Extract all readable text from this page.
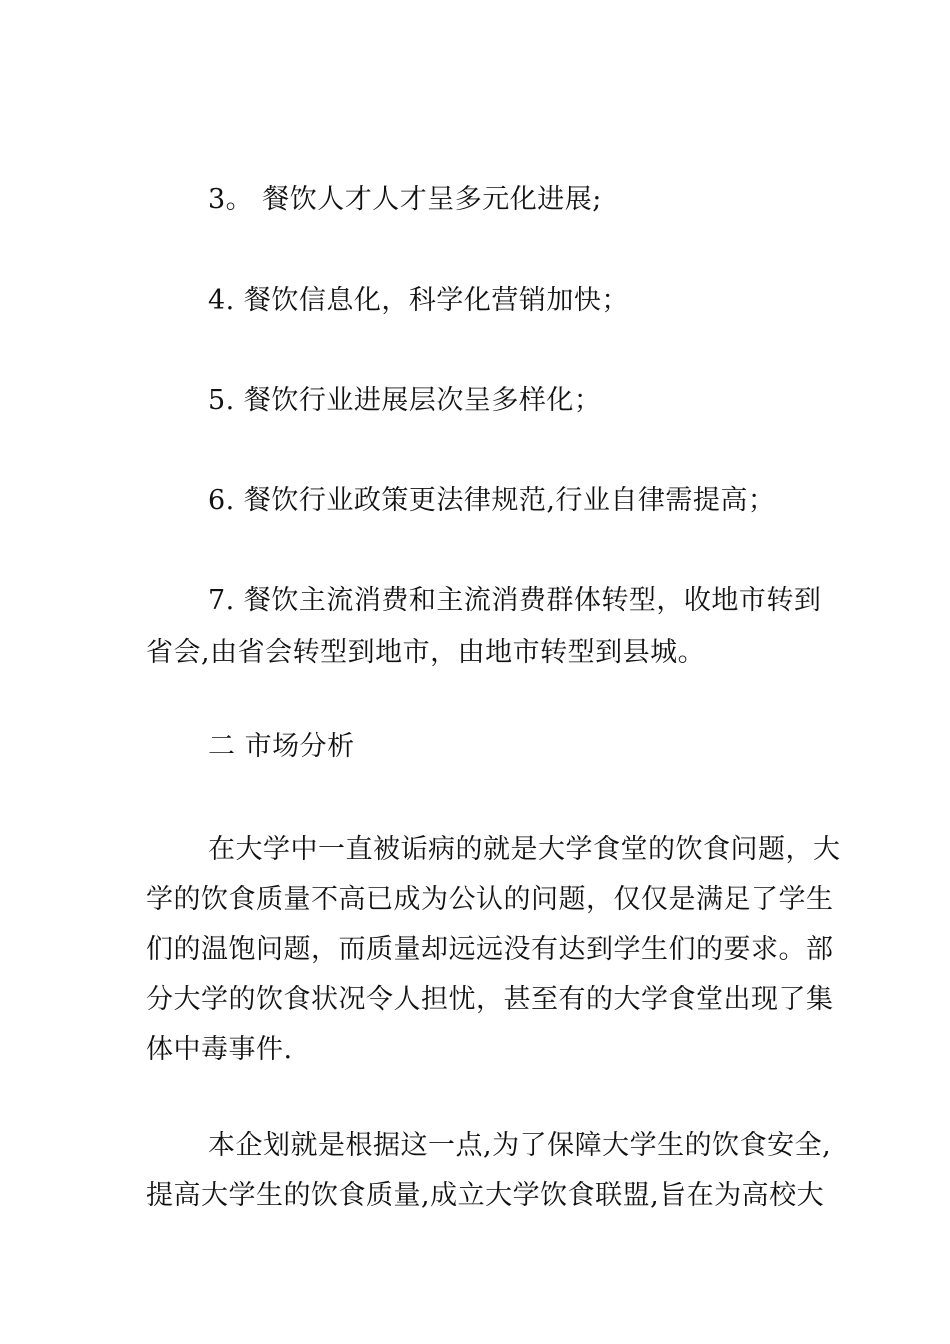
3。 餐饮人才人才呈多元化进展;
4. 餐饮信息化，科学化营销加快；
5. 餐饮行业进展层次呈多样化；
6. 餐饮行业政策更法律规范,行业自律需提高；
7. 餐饮主流消费和主流消费群体转型，收地市转到
省会,由省会转型到地市，由地市转型到县城。
二 市场分析
在大学中一直被诟病的就是大学食堂的饮食问题，大
学的饮食质量不高已成为公认的问题，仅仅是满足了学生
们的温饱问题，而质量却远远没有达到学生们的要求。部
分大学的饮食状况令人担忧，甚至有的大学食堂出现了集
体中毒事件.
本企划就是根据这一点,为了保障大学生的饮食安全,
提高大学生的饮食质量,成立大学饮食联盟,旨在为高校大
